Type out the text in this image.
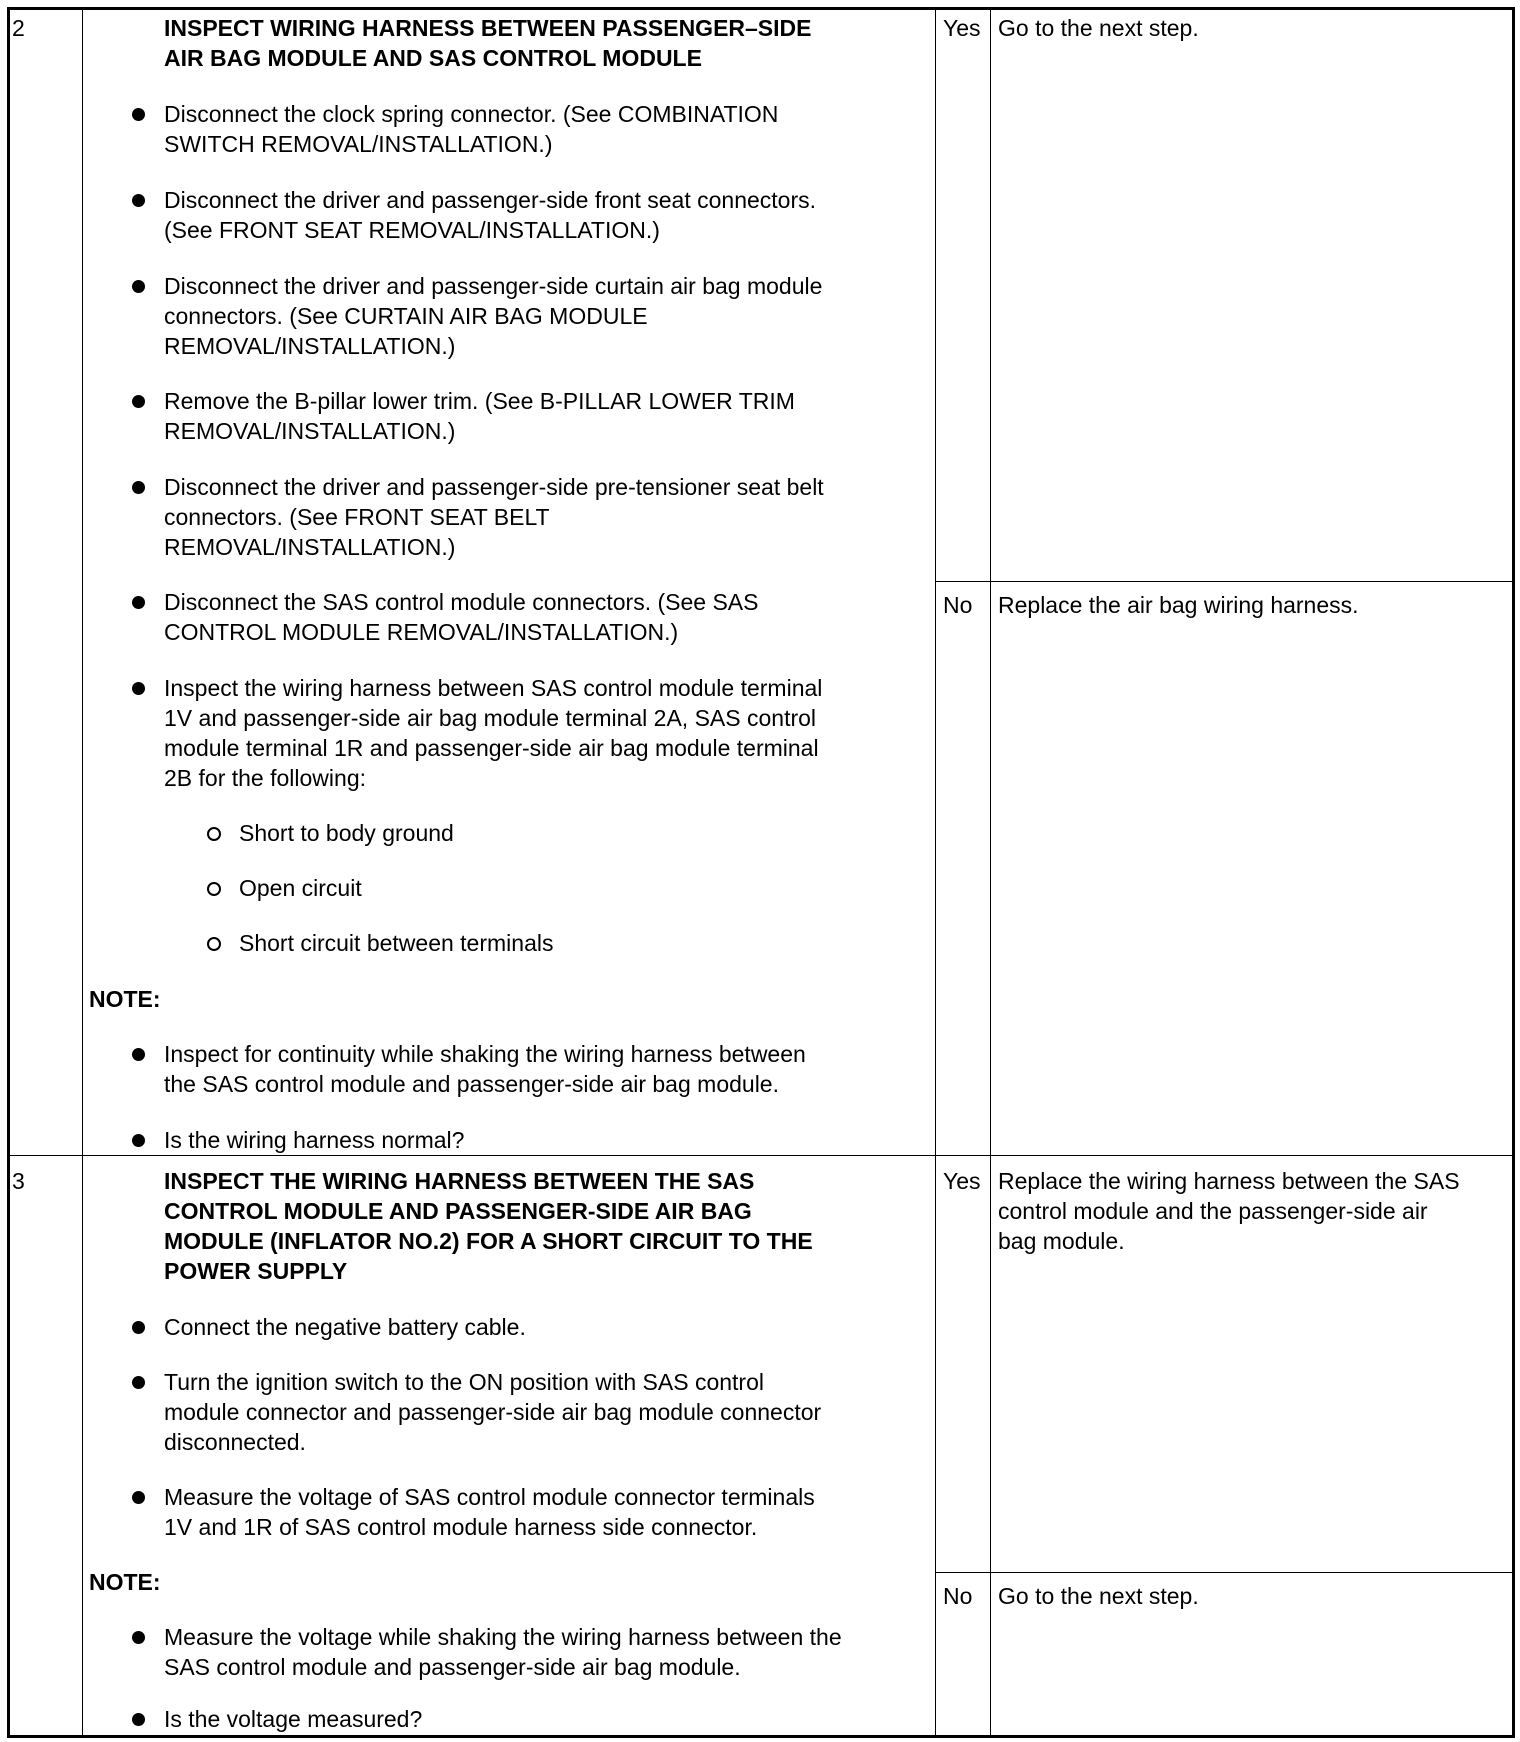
2	INSPECT WIRING HARNESS BETWEEN PASSENGER–SIDE
AIR BAG MODULE AND SAS CONTROL MODULE
Disconnect the clock spring connector. (See COMBINATION
SWITCH REMOVAL/INSTALLATION.)
Disconnect the driver and passenger-side front seat connectors.
(See FRONT SEAT REMOVAL/INSTALLATION.)
Disconnect the driver and passenger-side curtain air bag module
connectors. (See CURTAIN AIR BAG MODULE
REMOVAL/INSTALLATION.)
Remove the B-pillar lower trim. (See B-PILLAR LOWER TRIM
REMOVAL/INSTALLATION.)
Disconnect the driver and passenger-side pre-tensioner seat belt
connectors. (See FRONT SEAT BELT
REMOVAL/INSTALLATION.)
Disconnect the SAS control module connectors. (See SAS
CONTROL MODULE REMOVAL/INSTALLATION.)
Inspect the wiring harness between SAS control module terminal
1V and passenger-side air bag module terminal 2A, SAS control
module terminal 1R and passenger-side air bag module terminal
2B for the following:
Short to body ground
Open circuit
Short circuit between terminals
NOTE:
Inspect for continuity while shaking the wiring harness between
the SAS control module and passenger-side air bag module.
Is the wiring harness normal?
Yes Go to the next step.
No Replace the air bag wiring harness.
3	INSPECT THE WIRING HARNESS BETWEEN THE SAS
CONTROL MODULE AND PASSENGER-SIDE AIR BAG
MODULE (INFLATOR NO.2) FOR A SHORT CIRCUIT TO THE
POWER SUPPLY
Connect the negative battery cable.
Turn the ignition switch to the ON position with SAS control
module connector and passenger-side air bag module connector
disconnected.
Measure the voltage of SAS control module connector terminals
1V and 1R of SAS control module harness side connector.
NOTE:
Measure the voltage while shaking the wiring harness between the
SAS control module and passenger-side air bag module.
Is the voltage measured?
Yes Replace the wiring harness between the SAS
control module and the passenger-side air
bag module.
No Go to the next step.
